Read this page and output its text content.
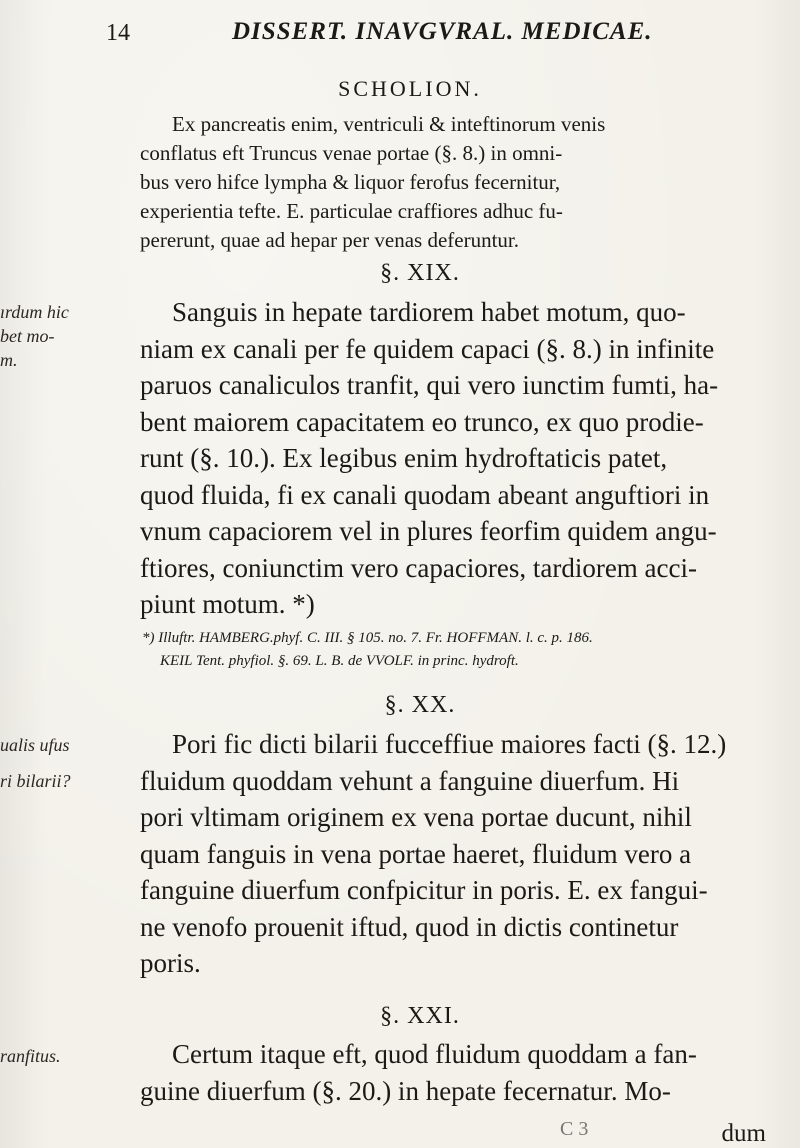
14	DISSERT. INAVGVRAL. MEDICAE.
SCHOLION.

Ex pancreatis enim, ventriculi & inteftinorum venis

conflatus eft Truncus venae portae (§. 8.) in omni-

bus vero hifce lympha & liquor ferofus fecernitur,

experientia tefte. E. particulae craffiores adhuc fu-

pererunt, quae ad hepar per venas deferuntur.

§. XIX.
ırdum hic
bet mo-
m.

Sanguis in hepate tardiorem habet motum, quo-

niam ex canali per fe quidem capaci (§. 8.) in infinite

paruos canaliculos tranfit, qui vero iunctim fumti, ha-

bent maiorem capacitatem eo trunco, ex quo prodie-

runt (§. 10.). Ex legibus enim hydroftaticis patet,

quod fluida, fi ex canali quodam abeant anguftiori in

vnum capaciorem vel in plures feorfim quidem angu-

ftiores, coniunctim vero capaciores, tardiorem acci-

piunt motum. *)

*) Illuftr. HAMBERG.phyf. C. III. § 105. no. 7. Fr. HOFFMAN. l. c. p. 186.
KEIL Tent. phyfiol. §. 69. L. B. de VVOLF. in princ. hydroft.
§. XX.
ualis ufus
ri bilarii?

Pori fic dicti bilarii fucceffiue maiores facti (§. 12.)

fluidum quoddam vehunt a fanguine diuerfum. Hi

pori vltimam originem ex vena portae ducunt, nihil

quam fanguis in vena portae haeret, fluidum vero a

fanguine diuerfum confpicitur in poris. E. ex fangui-

ne venofo prouenit iftud, quod in dictis continetur

poris.

§. XXI.
ranfitus.	Certum itaque eft, quod fluidum quoddam a fan-

guine diuerfum (§. 20.) in hepate fecernatur. Mo-

C 3	dum
